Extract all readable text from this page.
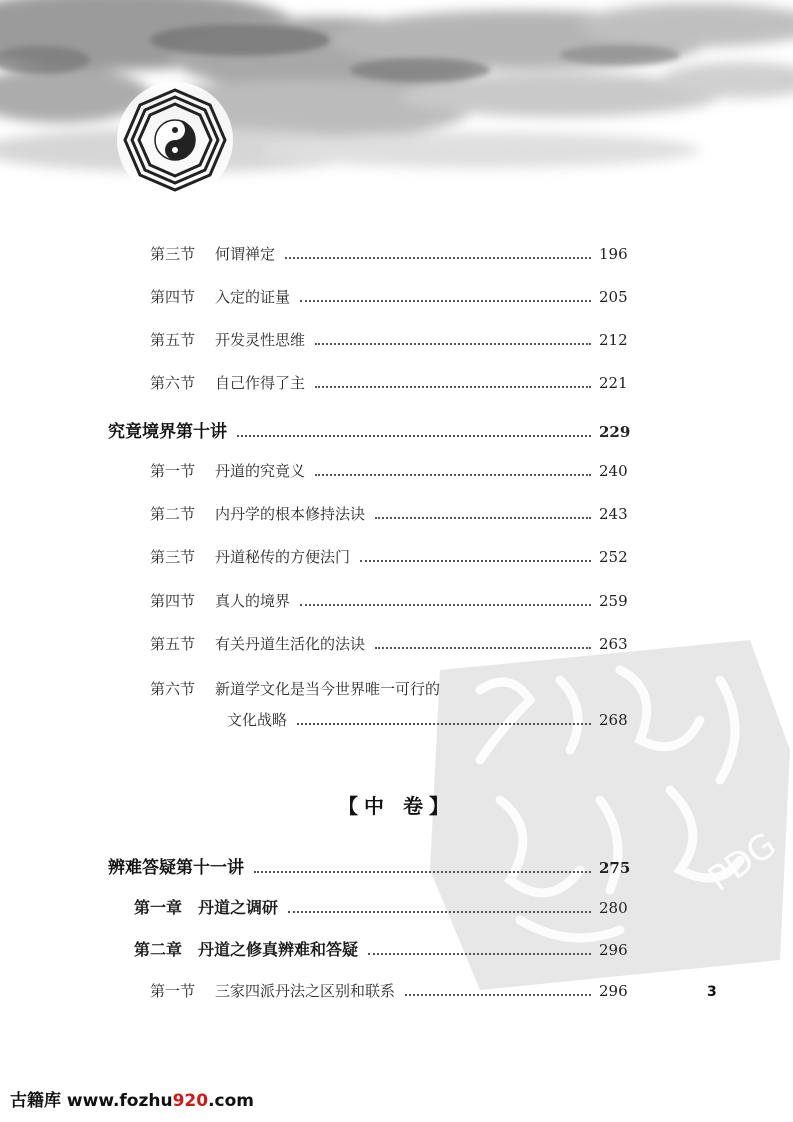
PDG
第三节 何谓禅定	196
第四节 入定的证量	205
第五节 开发灵性思维	212
第六节 自己作得了主	221
究竟境界第十讲	229
第一节 丹道的究竟义	240
第二节 内丹学的根本修持法诀	243
第三节 丹道秘传的方便法门	252
第四节 真人的境界	259
第五节 有关丹道生活化的法诀	263
第六节 新道学文化是当今世界唯一可行的
文化战略	268
【中 卷】
辨难答疑第十一讲	275
第一章 丹道之调研	280
第二章 丹道之修真辨难和答疑	296
第一节 三家四派丹法之区别和联系	296	3
古籍库 www.fozhu920.com
